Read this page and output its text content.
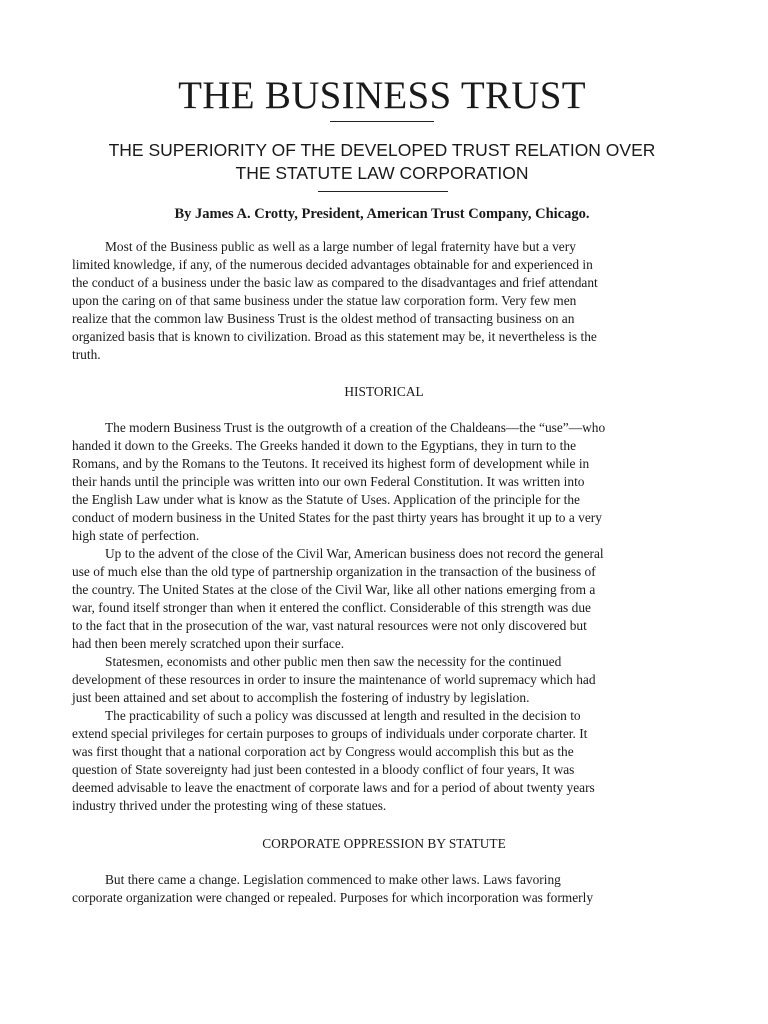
THE BUSINESS TRUST
THE SUPERIORITY OF THE DEVELOPED TRUST RELATION OVER
THE STATUTE LAW CORPORATION

By James A. Crotty, President, American Trust Company, Chicago.

Most of the Business public as well as a large number of legal fraternity have but a very
limited knowledge, if any, of the numerous decided advantages obtainable for and experienced in
the conduct of a business under the basic law as compared to the disadvantages and frief attendant
upon the caring on of that same business under the statue law corporation form. Very few men
realize that the common law Business Trust is the oldest method of transacting business on an
organized basis that is known to civilization. Broad as this statement may be, it nevertheless is the
truth.

HISTORICAL

The modern Business Trust is the outgrowth of a creation of the Chaldeans—the “use”—who
handed it down to the Greeks. The Greeks handed it down to the Egyptians, they in turn to the
Romans, and by the Romans to the Teutons. It received its highest form of development while in
their hands until the principle was written into our own Federal Constitution. It was written into
the English Law under what is know as the Statute of Uses. Application of the principle for the
conduct of modern business in the United States for the past thirty years has brought it up to a very
high state of perfection.

Up to the advent of the close of the Civil War, American business does not record the general
use of much else than the old type of partnership organization in the transaction of the business of
the country. The United States at the close of the Civil War, like all other nations emerging from a
war, found itself stronger than when it entered the conflict. Considerable of this strength was due
to the fact that in the prosecution of the war, vast natural resources were not only discovered but
had then been merely scratched upon their surface.

Statesmen, economists and other public men then saw the necessity for the continued
development of these resources in order to insure the maintenance of world supremacy which had
just been attained and set about to accomplish the fostering of industry by legislation.

The practicability of such a policy was discussed at length and resulted in the decision to
extend special privileges for certain purposes to groups of individuals under corporate charter. It
was first thought that a national corporation act by Congress would accomplish this but as the
question of State sovereignty had just been contested in a bloody conflict of four years, It was
deemed advisable to leave the enactment of corporate laws and for a period of about twenty years
industry thrived under the protesting wing of these statues.

CORPORATE OPPRESSION BY STATUTE

But there came a change. Legislation commenced to make other laws. Laws favoring
corporate organization were changed or repealed. Purposes for which incorporation was formerly
